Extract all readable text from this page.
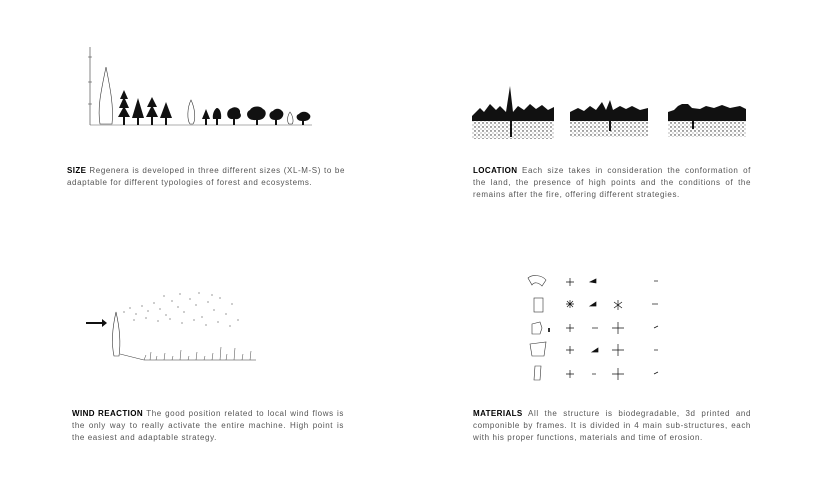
SIZE Regenera is developed in three different sizes (XL-M-S) to be adaptable for different typologies of forest and ecosystems.
LOCATION Each size takes in consideration the conformation of the land, the presence of high points and the conditions of the remains after the fire, offering different strategies.
WIND REACTION The good position related to local wind flows is the only way to really activate the entire machine. High point is the easiest and adaptable strategy.
MATERIALS All the structure is biodegradable, 3d printed and componible by frames. It is divided in 4 main sub-structures, each with his proper functions, materials and time of erosion.
